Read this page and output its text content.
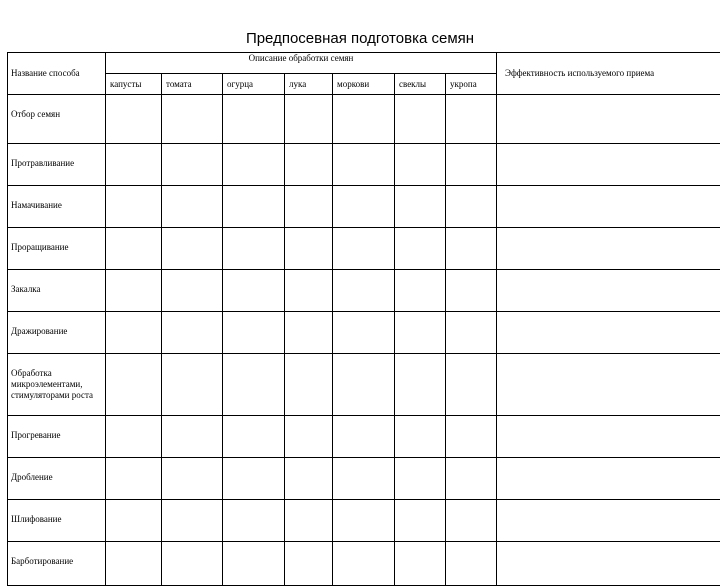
Предпосевная подготовка семян
Название способа	Описание обработки семян							Эффективность используемого приема
	капусты	томата	огурца	лука	моркови	свеклы	укропа	

Отбор семян								

Протравливание								

Намачивание								

Проращивание								

Закалка								

Дражирование								

Обработка микроэлементами, стимуляторами роста								

Прогревание								

Дробление								

Шлифование								

Барботирование								
